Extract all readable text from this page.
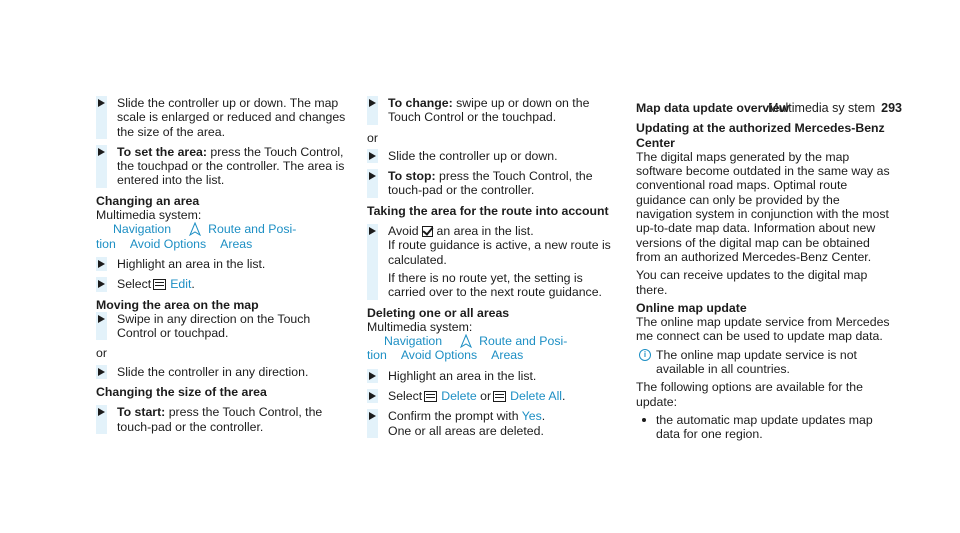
Multimedia sy stem 293
Slide the controller up or down. The map scale is enlarged or reduced and changes the size of the area.
To set the area: press the Touch Control, the touchpad or the controller. The area is entered into the list.
Changing an area
Multimedia system:
Navigation	Route and Posi-
tion Avoid Options Areas
Highlight an area in the list.
Select Edit.
Moving the area on the map
Swipe in any direction on the Touch Control or touchpad.
or
Slide the controller in any direction.
Changing the size of the area
To start: press the Touch Control, the touch-pad or the controller.
To change: swipe up or down on the Touch Control or the touchpad.
or
Slide the controller up or down.
To stop: press the Touch Control, the touch-pad or the controller.
Taking the area for the route into account
Avoid an area in the list.
If route guidance is active, a new route is calculated.
If there is no route yet, the setting is carried over to the next route guidance.
Deleting one or all areas
Multimedia system:
Navigation	Route and Posi-
tion Avoid Options Areas
Highlight an area in the list.
Select Delete or Delete All.
Confirm the prompt with Yes.
One or all areas are deleted.
Map data update overview
Updating at the authorized Mercedes-Benz Center
The digital maps generated by the map software become outdated in the same way as conventional road maps. Optimal route guidance can only be provided by the navigation system in conjunction with the most up-to-date map data. Information about new versions of the digital map can be obtained from an authorized Mercedes-Benz Center.
You can receive updates to the digital map there.
Online map update
The online map update service from Mercedes me connect can be used to update map data.
i The online map update service is not available in all countries.
The following options are available for the update:
the automatic map update updates map data for one region.
